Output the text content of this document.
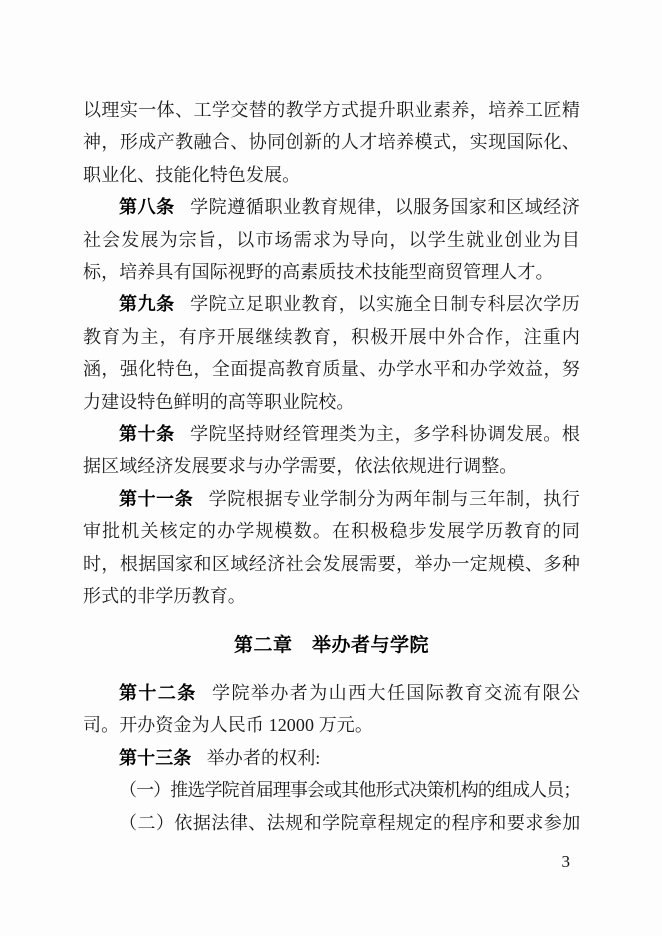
以理实一体、工学交替的教学方式提升职业素养，培养工匠精神，形成产教融合、协同创新的人才培养模式，实现国际化、职业化、技能化特色发展。

第八条 学院遵循职业教育规律，以服务国家和区域经济社会发展为宗旨，以市场需求为导向，以学生就业创业为目标，培养具有国际视野的高素质技术技能型商贸管理人才。

第九条 学院立足职业教育，以实施全日制专科层次学历教育为主，有序开展继续教育，积极开展中外合作，注重内涵，强化特色，全面提高教育质量、办学水平和办学效益，努力建设特色鲜明的高等职业院校。

第十条 学院坚持财经管理类为主，多学科协调发展。根据区域经济发展要求与办学需要，依法依规进行调整。

第十一条 学院根据专业学制分为两年制与三年制，执行审批机关核定的办学规模数。在积极稳步发展学历教育的同时，根据国家和区域经济社会发展需要，举办一定规模、多种形式的非学历教育。

第二章　举办者与学院

第十二条 学院举办者为山西大任国际教育交流有限公司。开办资金为人民币 12000 万元。

第十三条 举办者的权利:

（一）推选学院首届理事会或其他形式决策机构的组成人员；

（二）依据法律、法规和学院章程规定的程序和要求参加

3
